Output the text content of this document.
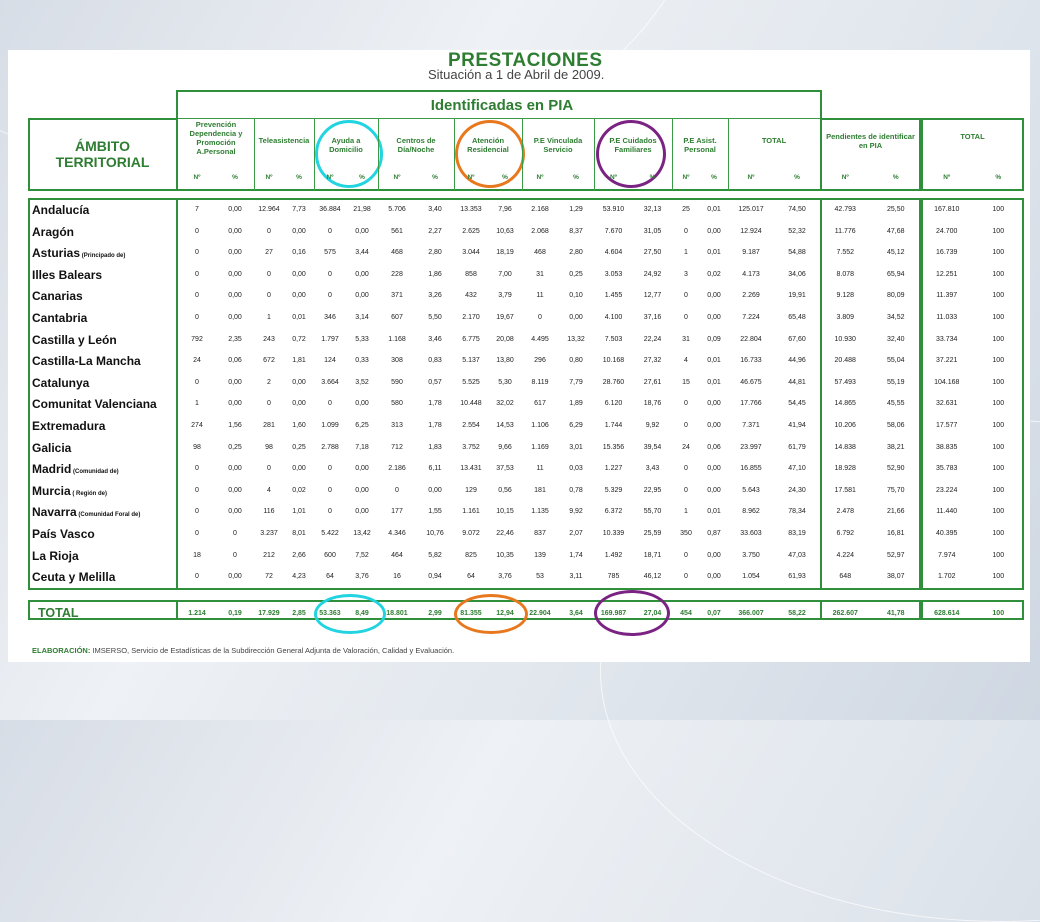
PRESTACIONES
Situación a 1 de Abril de 2009.
Identificadas en PIA
ÁMBITO TERRITORIAL
TOTAL
ELABORACIÓN: IMSERSO, Servicio de Estadísticas de la Subdirección General Adjunta de Valoración, Calidad y Evaluación.
Prevención Dependencia y Promoción A.Personal
Nº	%
Teleasistencia
Nº	%
Ayuda a Domicilio
Nº	%
Centros de Día/Noche
Nº	%
Atención Residencial
Nº	%
P.E Vinculada Servicio
Nº	%
P.E Cuidados Familiares
Nº	%
P.E Asist. Personal
Nº	%
TOTAL
Nº	%
Pendientes de identificar en PIA
Nº	%
TOTAL
Nº	%
Andalucía	7	0,00	12.964	7,73	36.884	21,98	5.706	3,40	13.353	7,96	2.168	1,29	53.910	32,13	25	0,01	125.017	74,50	42.793	25,50	167.810	100
Aragón	0	0,00	0	0,00	0	0,00	561	2,27	2.625	10,63	2.068	8,37	7.670	31,05	0	0,00	12.924	52,32	11.776	47,68	24.700	100
Asturias (Principado de)	0	0,00	27	0,16	575	3,44	468	2,80	3.044	18,19	468	2,80	4.604	27,50	1	0,01	9.187	54,88	7.552	45,12	16.739	100
Illes Balears	0	0,00	0	0,00	0	0,00	228	1,86	858	7,00	31	0,25	3.053	24,92	3	0,02	4.173	34,06	8.078	65,94	12.251	100
Canarias	0	0,00	0	0,00	0	0,00	371	3,26	432	3,79	11	0,10	1.455	12,77	0	0,00	2.269	19,91	9.128	80,09	11.397	100
Cantabria	0	0,00	1	0,01	346	3,14	607	5,50	2.170	19,67	0	0,00	4.100	37,16	0	0,00	7.224	65,48	3.809	34,52	11.033	100
Castilla y León	792	2,35	243	0,72	1.797	5,33	1.168	3,46	6.775	20,08	4.495	13,32	7.503	22,24	31	0,09	22.804	67,60	10.930	32,40	33.734	100
Castilla-La Mancha	24	0,06	672	1,81	124	0,33	308	0,83	5.137	13,80	296	0,80	10.168	27,32	4	0,01	16.733	44,96	20.488	55,04	37.221	100
Catalunya	0	0,00	2	0,00	3.664	3,52	590	0,57	5.525	5,30	8.119	7,79	28.760	27,61	15	0,01	46.675	44,81	57.493	55,19	104.168	100
Comunitat Valenciana	1	0,00	0	0,00	0	0,00	580	1,78	10.448	32,02	617	1,89	6.120	18,76	0	0,00	17.766	54,45	14.865	45,55	32.631	100
Extremadura	274	1,56	281	1,60	1.099	6,25	313	1,78	2.554	14,53	1.106	6,29	1.744	9,92	0	0,00	7.371	41,94	10.206	58,06	17.577	100
Galicia	98	0,25	98	0,25	2.788	7,18	712	1,83	3.752	9,66	1.169	3,01	15.356	39,54	24	0,06	23.997	61,79	14.838	38,21	38.835	100
Madrid (Comunidad de)	0	0,00	0	0,00	0	0,00	2.186	6,11	13.431	37,53	11	0,03	1.227	3,43	0	0,00	16.855	47,10	18.928	52,90	35.783	100
Murcia ( Región de)	0	0,00	4	0,02	0	0,00	0	0,00	129	0,56	181	0,78	5.329	22,95	0	0,00	5.643	24,30	17.581	75,70	23.224	100
Navarra (Comunidad Foral de)	0	0,00	116	1,01	0	0,00	177	1,55	1.161	10,15	1.135	9,92	6.372	55,70	1	0,01	8.962	78,34	2.478	21,66	11.440	100
País Vasco	0	0	3.237	8,01	5.422	13,42	4.346	10,76	9.072	22,46	837	2,07	10.339	25,59	350	0,87	33.603	83,19	6.792	16,81	40.395	100
La Rioja	18	0	212	2,66	600	7,52	464	5,82	825	10,35	139	1,74	1.492	18,71	0	0,00	3.750	47,03	4.224	52,97	7.974	100
Ceuta y Melilla	0	0,00	72	4,23	64	3,76	16	0,94	64	3,76	53	3,11	785	46,12	0	0,00	1.054	61,93	648	38,07	1.702	100
1.214	0,19	17.929	2,85	53.363	8,49	18.801	2,99	81.355	12,94	22.904	3,64	169.987	27,04	454	0,07	366.007	58,22	262.607	41,78	628.614	100
